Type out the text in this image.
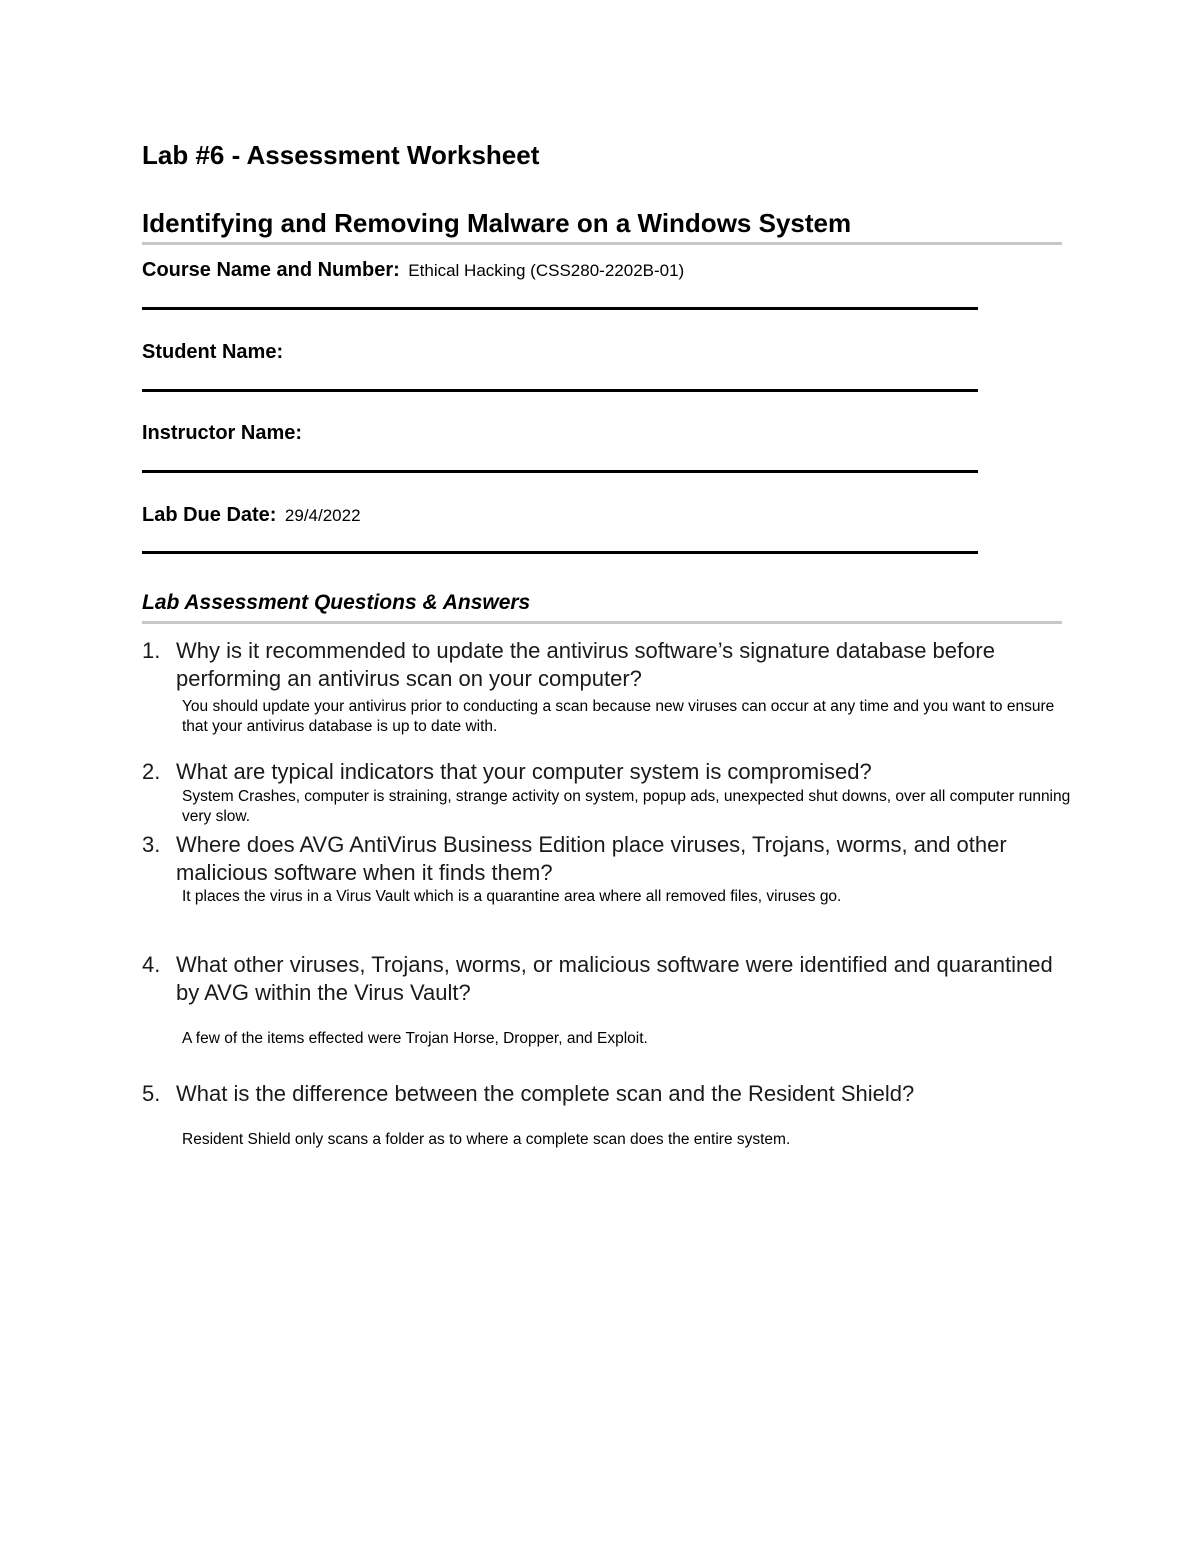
Lab #6 - Assessment Worksheet
Identifying and Removing Malware on a Windows System
Course Name and Number: Ethical Hacking (CSS280-2202B-01)
Student Name:
Instructor Name:
Lab Due Date: 29/4/2022
Lab Assessment Questions & Answers
1. Why is it recommended to update the antivirus software’s signature database before performing an antivirus scan on your computer?
You should update your antivirus prior to conducting a scan because new viruses can occur at any time and you want to ensure that your antivirus database is up to date with.
2. What are typical indicators that your computer system is compromised?
System Crashes, computer is straining, strange activity on system, popup ads, unexpected shut downs, over all computer running very slow.
3. Where does AVG AntiVirus Business Edition place viruses, Trojans, worms, and other malicious software when it finds them?
It places the virus in a Virus Vault which is a quarantine area where all removed files, viruses go.
4. What other viruses, Trojans, worms, or malicious software were identified and quarantined by AVG within the Virus Vault?
A few of the items effected were Trojan Horse, Dropper, and Exploit.
5. What is the difference between the complete scan and the Resident Shield?
Resident Shield only scans a folder as to where a complete scan does the entire system.
